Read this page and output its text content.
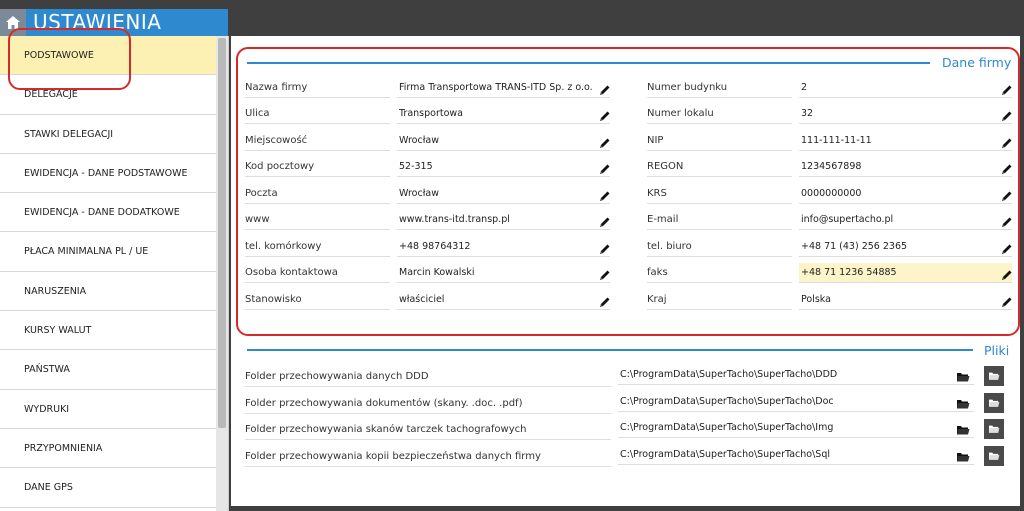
USTAWIENIA
PODSTAWOWE
DELEGACJE
STAWKI DELEGACJI
EWIDENCJA - DANE PODSTAWOWE
EWIDENCJA - DANE DODATKOWE
PŁACA MINIMALNA PL / UE
NARUSZENIA
KURSY WALUT
PAŃSTWA
WYDRUKI
PRZYPOMNIENIA
DANE GPS
Dane firmy
Nazwa firmy	Firma Transportowa TRANS-ITD Sp. z o.o.
Ulica	Transportowa
Miejscowość	Wrocław
Kod pocztowy	52-315
Poczta	Wrocław
www	www.trans-itd.transp.pl
tel. komórkowy	+48 98764312
Osoba kontaktowa	Marcin Kowalski
Stanowisko	właściciel
Numer budynku	2
Numer lokalu	32
NIP	111-111-11-11
REGON	1234567898
KRS	0000000000
E-mail	info@supertacho.pl
tel. biuro	+48 71 (43) 256 2365
faks	+48 71 1236 54885
Kraj	Polska
Pliki
Folder przechowywania danych DDD	C:\ProgramData\SuperTacho\SuperTacho\DDD
Folder przechowywania dokumentów (skany. .doc. .pdf)	C:\ProgramData\SuperTacho\SuperTacho\Doc
Folder przechowywania skanów tarczek tachografowych	C:\ProgramData\SuperTacho\SuperTacho\Img
Folder przechowywania kopii bezpieczeństwa danych firmy	C:\ProgramData\SuperTacho\SuperTacho\Sql
